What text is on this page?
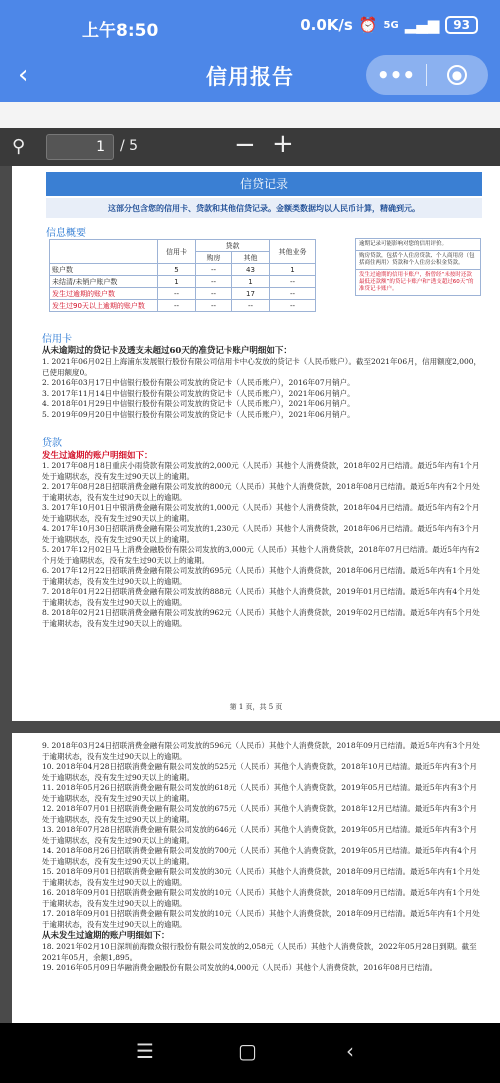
上午8:50	0.0K/s ⏰ 5G ▂▄▆	93
‹	信用报告	•••	●
⚲	1	/ 5	− +
信贷记录
这部分包含您的信用卡、贷款和其他信贷记录。金额类数据均以人民币计算，精确到元。
信息概要
	信用卡	贷款		其他业务
		购房	其他	
账户数	5	--	43	1
未结清/未销户账户数	1	--	1	--
发生过逾期的账户数	--	--	17	--
发生过90天以上逾期的账户数	--	--	--	--
逾期记录可能影响对您的信用评价。
购房贷款，包括个人住房贷款、个人商用房（包括商住两用）贷款和个人住房公积金贷款。
发生过逾期的信用卡账户，指曾经“未按时还款最低还款额”的贷记卡账户和“透支超过60天”的准贷记卡账户。
信用卡
从未逾期过的贷记卡及透支未超过60天的准贷记卡账户明细如下：
1. 2021年06月02日上海浦东发展银行股份有限公司信用卡中心发放的贷记卡（人民币账户）。截至2021年06月，信用额度2,000，已使用额度0。
2. 2016年03月17日中信银行股份有限公司发放的贷记卡（人民币账户），2016年07月销户。
3. 2017年11月14日中信银行股份有限公司发放的贷记卡（人民币账户），2021年06月销户。
4. 2018年01月29日中信银行股份有限公司发放的贷记卡（人民币账户），2021年06月销户。
5. 2019年09月20日中信银行股份有限公司发放的贷记卡（人民币账户），2021年06月销户。
贷款
发生过逾期的账户明细如下：
1. 2017年08月18日重庆小雨贷款有限公司发放的2,000元（人民币）其他个人消费贷款，2018年02月已结清。最近5年内有1个月处于逾期状态，没有发生过90天以上的逾期。
2. 2017年08月28日招联消费金融有限公司发放的800元（人民币）其他个人消费贷款，2018年08月已结清。最近5年内有2个月处于逾期状态，没有发生过90天以上的逾期。
3. 2017年10月01日中银消费金融有限公司发放的1,000元（人民币）其他个人消费贷款，2018年04月已结清。最近5年内有2个月处于逾期状态，没有发生过90天以上的逾期。
4. 2017年10月30日招联消费金融有限公司发放的1,230元（人民币）其他个人消费贷款，2018年06月已结清。最近5年内有3个月处于逾期状态，没有发生过90天以上的逾期。
5. 2017年12月02日马上消费金融股份有限公司发放的3,000元（人民币）其他个人消费贷款，2018年07月已结清。最近5年内有2个月处于逾期状态，没有发生过90天以上的逾期。
6. 2017年12月22日招联消费金融有限公司发放的695元（人民币）其他个人消费贷款，2018年06月已结清。最近5年内有1个月处于逾期状态，没有发生过90天以上的逾期。
7. 2018年01月22日招联消费金融有限公司发放的888元（人民币）其他个人消费贷款，2019年01月已结清。最近5年内有4个月处于逾期状态，没有发生过90天以上的逾期。
8. 2018年02月21日招联消费金融有限公司发放的962元（人民币）其他个人消费贷款，2019年02月已结清。最近5年内有5个月处于逾期状态，没有发生过90天以上的逾期。
第 1 页，共 5 页
9. 2018年03月24日招联消费金融有限公司发放的596元（人民币）其他个人消费贷款，2018年09月已结清。最近5年内有3个月处于逾期状态，没有发生过90天以上的逾期。
10. 2018年04月28日招联消费金融有限公司发放的525元（人民币）其他个人消费贷款，2018年10月已结清。最近5年内有3个月处于逾期状态，没有发生过90天以上的逾期。
11. 2018年05月26日招联消费金融有限公司发放的618元（人民币）其他个人消费贷款，2019年05月已结清。最近5年内有3个月处于逾期状态，没有发生过90天以上的逾期。
12. 2018年07月01日招联消费金融有限公司发放的675元（人民币）其他个人消费贷款，2018年12月已结清。最近5年内有3个月处于逾期状态，没有发生过90天以上的逾期。
13. 2018年07月28日招联消费金融有限公司发放的646元（人民币）其他个人消费贷款，2019年05月已结清。最近5年内有3个月处于逾期状态，没有发生过90天以上的逾期。
14. 2018年08月26日招联消费金融有限公司发放的700元（人民币）其他个人消费贷款，2019年05月已结清。最近5年内有4个月处于逾期状态，没有发生过90天以上的逾期。
15. 2018年09月01日招联消费金融有限公司发放的30元（人民币）其他个人消费贷款，2018年09月已结清。最近5年内有1个月处于逾期状态，没有发生过90天以上的逾期。
16. 2018年09月01日招联消费金融有限公司发放的10元（人民币）其他个人消费贷款，2018年09月已结清。最近5年内有1个月处于逾期状态，没有发生过90天以上的逾期。
17. 2018年09月01日招联消费金融有限公司发放的10元（人民币）其他个人消费贷款，2018年09月已结清。最近5年内有1个月处于逾期状态，没有发生过90天以上的逾期。
从未发生过逾期的账户明细如下：
18. 2021年02月10日深圳前海微众银行股份有限公司发放的2,058元（人民币）其他个人消费贷款，2022年05月28日到期。截至2021年05月，余额1,895。
19. 2016年05月09日华融消费金融股份有限公司发放的4,000元（人民币）其他个人消费贷款，2016年08月已结清。
☰	▢	‹
